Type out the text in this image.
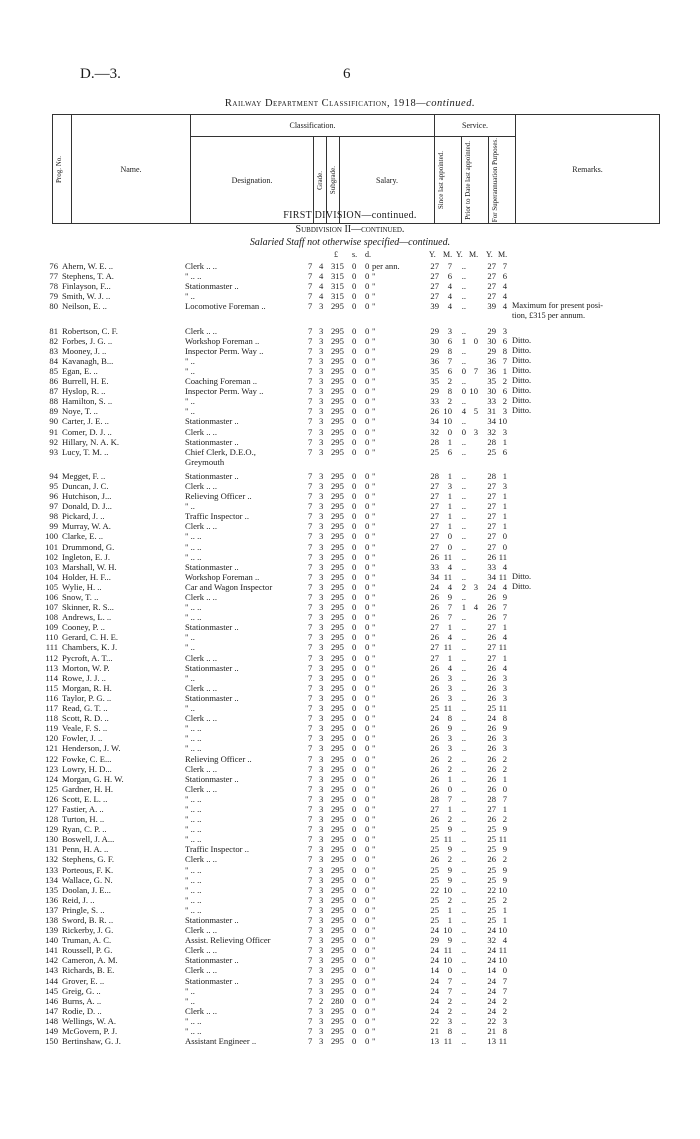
D.—3.	6
Railway Department Classification, 1918—continued.
Prog. No.	Name.	Classification.				Service.			Remarks.
		Designation.	Grade.	Subgrade.	Salary.	Since last appointed.	Prior to Date last appointed.	For Superannuation Purposes.	
FIRST DIVISION—continued.
Subdivision II—continued.
Salaried Staff not otherwise specified—continued.
£ s. d.	Y. M. Y. M. Y. M.
76 Ahern, W. E. ..	Clerk .. ..	7 4 315 0 0 per ann.	27	7	..	27 7
77 Stephens, T. A.	" .. ..	7 4 315 0 0 "	27	6	..	27 6
78 Finlayson, F...	Stationmaster ..	7 4 315 0 0 "	27	4	..	27 4
79 Smith, W. J. ..	" ..	7 4 315 0 0 "	27	4	..	27 4
80 Neilson, E. ..	Locomotive Foreman ..	7 3 295 0 0 "	39	4	..	39 4 Maximum for present posi-
tion, £315 per annum.
81 Robertson, C. F.	Clerk .. ..	7 3 295 0 0 "	29	3	..	29 3
82 Forbes, J. G. ..	Workshop Foreman ..	7 3 295 0 0 "	30	6	1 0	30 6 Ditto.
83 Mooney, J. ..	Inspector Perm. Way ..	7 3 295 0 0 "	29	8	..	29 8 Ditto.
84 Kavanagh, B...	" ..	7 3 295 0 0 "	36	7	..	36 7 Ditto.
85 Egan, E. ..	" ..	7 3 295 0 0 "	35	6	0 7	36 1 Ditto.
86 Burrell, H. E.	Coaching Foreman ..	7 3 295 0 0 "	35	2	..	35 2 Ditto.
87 Hyslop, R. ..	Inspector Perm. Way ..	7 3 295 0 0 "	29	8	0 10	30 6 Ditto.
88 Hamilton, S. ..	" ..	7 3 295 0 0 "	33	2	..	33 2 Ditto.
89 Noye, T. ..	" ..	7 3 295 0 0 "	26 10	4 5	31 3 Ditto.
90 Carter, J. E. ..	Stationmaster ..	7 3 295 0 0 "	34 10	..	34 10
91 Comer, D. J. ..	Clerk .. ..	7 3 295 0 0 "	32	0	0 3	32 3
92 Hillary, N. A. K.	Stationmaster ..	7 3 295 0 0 "	28	1	..	28 1
93 Lucy, T. M. ..	Chief Clerk, D.E.O.,	7 3 295 0 0 "	25	6	..	25 6
Greymouth
94 Megget, F. ..	Stationmaster ..	7 3 295 0 0 "	28	1	..	28 1
95 Duncan, J. C.	Clerk .. ..	7 3 295 0 0 "	27	3	..	27 3
96 Hutchison, J...	Relieving Officer ..	7 3 295 0 0 "	27	1	..	27 1
97 Donald, D. J...	" ..	7 3 295 0 0 "	27	1	..	27 1
98 Pickard, J. ..	Traffic Inspector ..	7 3 295 0 0 "	27	1	..	27 1
99 Murray, W. A.	Clerk .. ..	7 3 295 0 0 "	27	1	..	27 1
100 Clarke, E. ..	" .. ..	7 3 295 0 0 "	27	0	..	27 0
101 Drummond, G.	" .. ..	7 3 295 0 0 "	27	0	..	27 0
102 Ingleton, E. J.	" .. ..	7 3 295 0 0 "	26 11	..	26 11
103 Marshall, W. H.	Stationmaster ..	7 3 295 0 0 "	33	4	..	33 4
104 Holder, H. F...	Workshop Foreman ..	7 3 295 0 0 "	34 11	..	34 11 Ditto.
105 Wylie, H. ..	Car and Wagon Inspector	7 3 295 0 0 "	24	4	2 3	24 4 Ditto.
106 Snow, T. ..	Clerk .. ..	7 3 295 0 0 "	26	9	..	26 9
107 Skinner, R. S...	" .. ..	7 3 295 0 0 "	26	7	1 4	26 7
108 Andrews, L. ..	" .. ..	7 3 295 0 0 "	26	7	..	26 7
109 Cooney, P. ..	Stationmaster ..	7 3 295 0 0 "	27	1	..	27 1
110 Gerard, C. H. E.	" ..	7 3 295 0 0 "	26	4	..	26 4
111 Chambers, K. J.	" ..	7 3 295 0 0 "	27 11	..	27 11
112 Pycroft, A. T...	Clerk .. ..	7 3 295 0 0 "	27	1	..	27 1
113 Morton, W. P.	Stationmaster ..	7 3 295 0 0 "	26	4	..	26 4
114 Rowe, J. J. ..	" ..	7 3 295 0 0 "	26	3	..	26 3
115 Morgan, R. H.	Clerk .. ..	7 3 295 0 0 "	26	3	..	26 3
116 Taylor, P. G. ..	Stationmaster ..	7 3 295 0 0 "	26	3	..	26 3
117 Read, G. T. ..	" ..	7 3 295 0 0 "	25 11	..	25 11
118 Scott, R. D. ..	Clerk .. ..	7 3 295 0 0 "	24	8	..	24 8
119 Veale, F. S. ..	" .. ..	7 3 295 0 0 "	26	9	..	26 9
120 Fowler, J. ..	" .. ..	7 3 295 0 0 "	26	3	..	26 3
121 Henderson, J. W.	" .. ..	7 3 295 0 0 "	26	3	..	26 3
122 Fowke, C. E...	Relieving Officer ..	7 3 295 0 0 "	26	2	..	26 2
123 Lowry, H. D...	Clerk .. ..	7 3 295 0 0 "	26	2	..	26 2
124 Morgan, G. H. W.	Stationmaster ..	7 3 295 0 0 "	26	1	..	26 1
125 Gardner, H. H.	Clerk .. ..	7 3 295 0 0 "	26	0	..	26 0
126 Scott, E. L. ..	" .. ..	7 3 295 0 0 "	28	7	..	28 7
127 Fastier, A. ..	" .. ..	7 3 295 0 0 "	27	1	..	27 1
128 Turton, H. ..	" .. ..	7 3 295 0 0 "	26	2	..	26 2
129 Ryan, C. P. ..	" .. ..	7 3 295 0 0 "	25	9	..	25 9
130 Boswell, J. A...	" .. ..	7 3 295 0 0 "	25 11	..	25 11
131 Penn, H. A. ..	Traffic Inspector ..	7 3 295 0 0 "	25	9	..	25 9
132 Stephens, G. F.	Clerk .. ..	7 3 295 0 0 "	26	2	..	26 2
133 Porteous, F. K.	" .. ..	7 3 295 0 0 "	25	9	..	25 9
134 Wallace, G. N.	" .. ..	7 3 295 0 0 "	25	9	..	25 9
135 Doolan, J. E...	" .. ..	7 3 295 0 0 "	22 10	..	22 10
136 Reid, J. ..	" .. ..	7 3 295 0 0 "	25	2	..	25 2
137 Pringle, S. ..	" .. ..	7 3 295 0 0 "	25	1	..	25 1
138 Sword, B. R. ..	Stationmaster ..	7 3 295 0 0 "	25	1	..	25 1
139 Rickerby, J. G.	Clerk .. ..	7 3 295 0 0 "	24 10	..	24 10
140 Truman, A. C.	Assist. Relieving Officer	7 3 295 0 0 "	29	9	..	32 4
141 Roussell, P. G.	Clerk .. ..	7 3 295 0 0 "	24 11	..	24 11
142 Cameron, A. M.	Stationmaster ..	7 3 295 0 0 "	24 10	..	24 10
143 Richards, B. E.	Clerk .. ..	7 3 295 0 0 "	14	0	..	14 0
144 Grover, E. ..	Stationmaster ..	7 3 295 0 0 "	24	7	..	24 7
145 Greig, G. ..	" ..	7 3 295 0 0 "	24	7	..	24 7
146 Burns, A. ..	" ..	7 2 280 0 0 "	24	2	..	24 2
147 Rodie, D. ..	Clerk .. ..	7 3 295 0 0 "	24	2	..	24 2
148 Wellings, W. A.	" .. ..	7 3 295 0 0 "	22	3	..	22 3
149 McGovern, P. J.	" .. ..	7 3 295 0 0 "	21	8	..	21 8
150 Bertinshaw, G. J.	Assistant Engineer ..	7 3 295 0 0 "	13 11	..	13 11
